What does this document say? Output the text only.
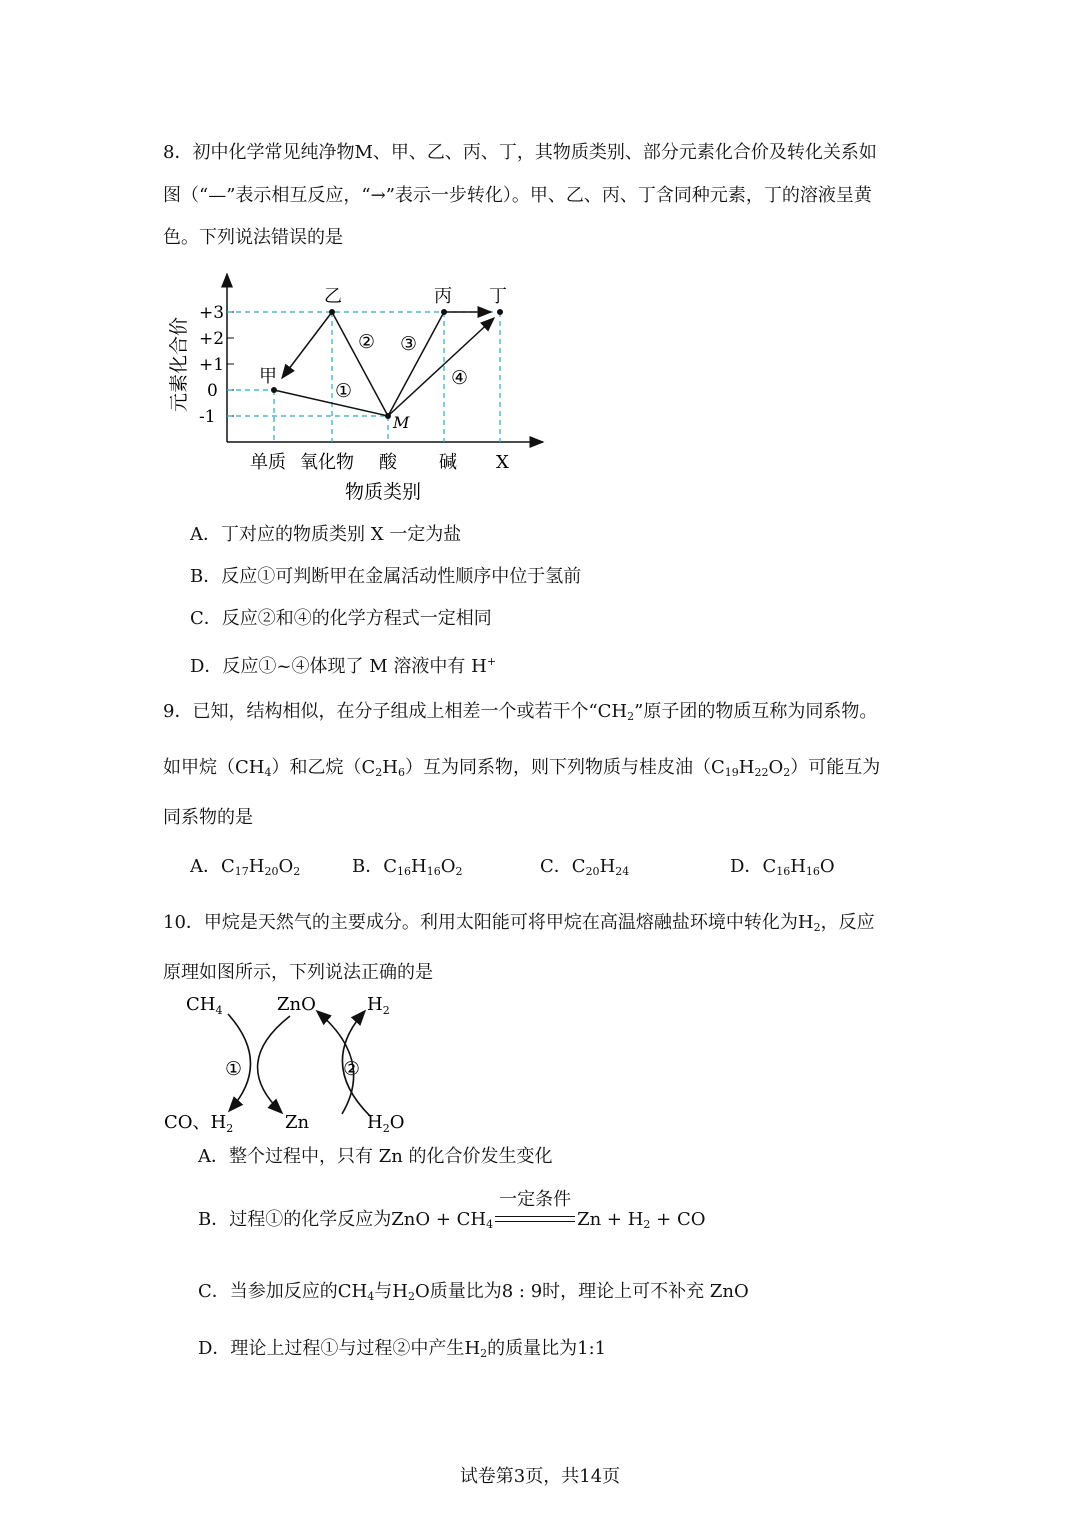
8．初中化学常见纯净物M、甲、乙、丙、丁，其物质类别、部分元素化合价及转化关系如
图（“—”表示相互反应，“→”表示一步转化）。甲、乙、丙、丁含同种元素，丁的溶液呈黄
色。下列说法错误的是
+3
+2
+1
0
-1
元素化合价	甲
乙	丙 丁
M
①
② ③
④
单质 氧化物 酸 碱 X
物质类别
A．丁对应的物质类别 X 一定为盐
B．反应①可判断甲在金属活动性顺序中位于氢前
C．反应②和④的化学方程式一定相同
D．反应①~④体现了 M 溶液中有 H+
9．已知，结构相似，在分子组成上相差一个或若干个“$CH_2$”原子团的物质互称为同系物。
如甲烷$(CH_4)$和乙烷$(C_2H_6)$互为同系物，则下列物质与桂皮油$(C_{19}H_{22}O_2)$可能互为
同系物的是
A．$C_{17}H_{20}O_2$	B．$C_{16}H_{16}O_2$	C．$C_{20}H_{24}$	D．$C_{16}H_{16}O$
10．甲烷是天然气的主要成分。利用太阳能可将甲烷在高温熔融盐环境中转化为$H_2$，反应
原理如图所示，下列说法正确的是
$CH_4$	ZnO	$H_2$
CO、$H_2$	Zn	$H_2O$
①	②
A．整个过程中，只有 Zn 的化合价发生变化
B．过程①的化学反应为ZnO + $CH_4$
一定条件
$Zn + H_2$ + CO
C．当参加反应的$CH_4$与$H_2O$质量比为8 : 9时，理论上可不补充 ZnO
D．理论上过程①与过程②中产生$H_2$的质量比为1:1
试卷第3页，共14页
